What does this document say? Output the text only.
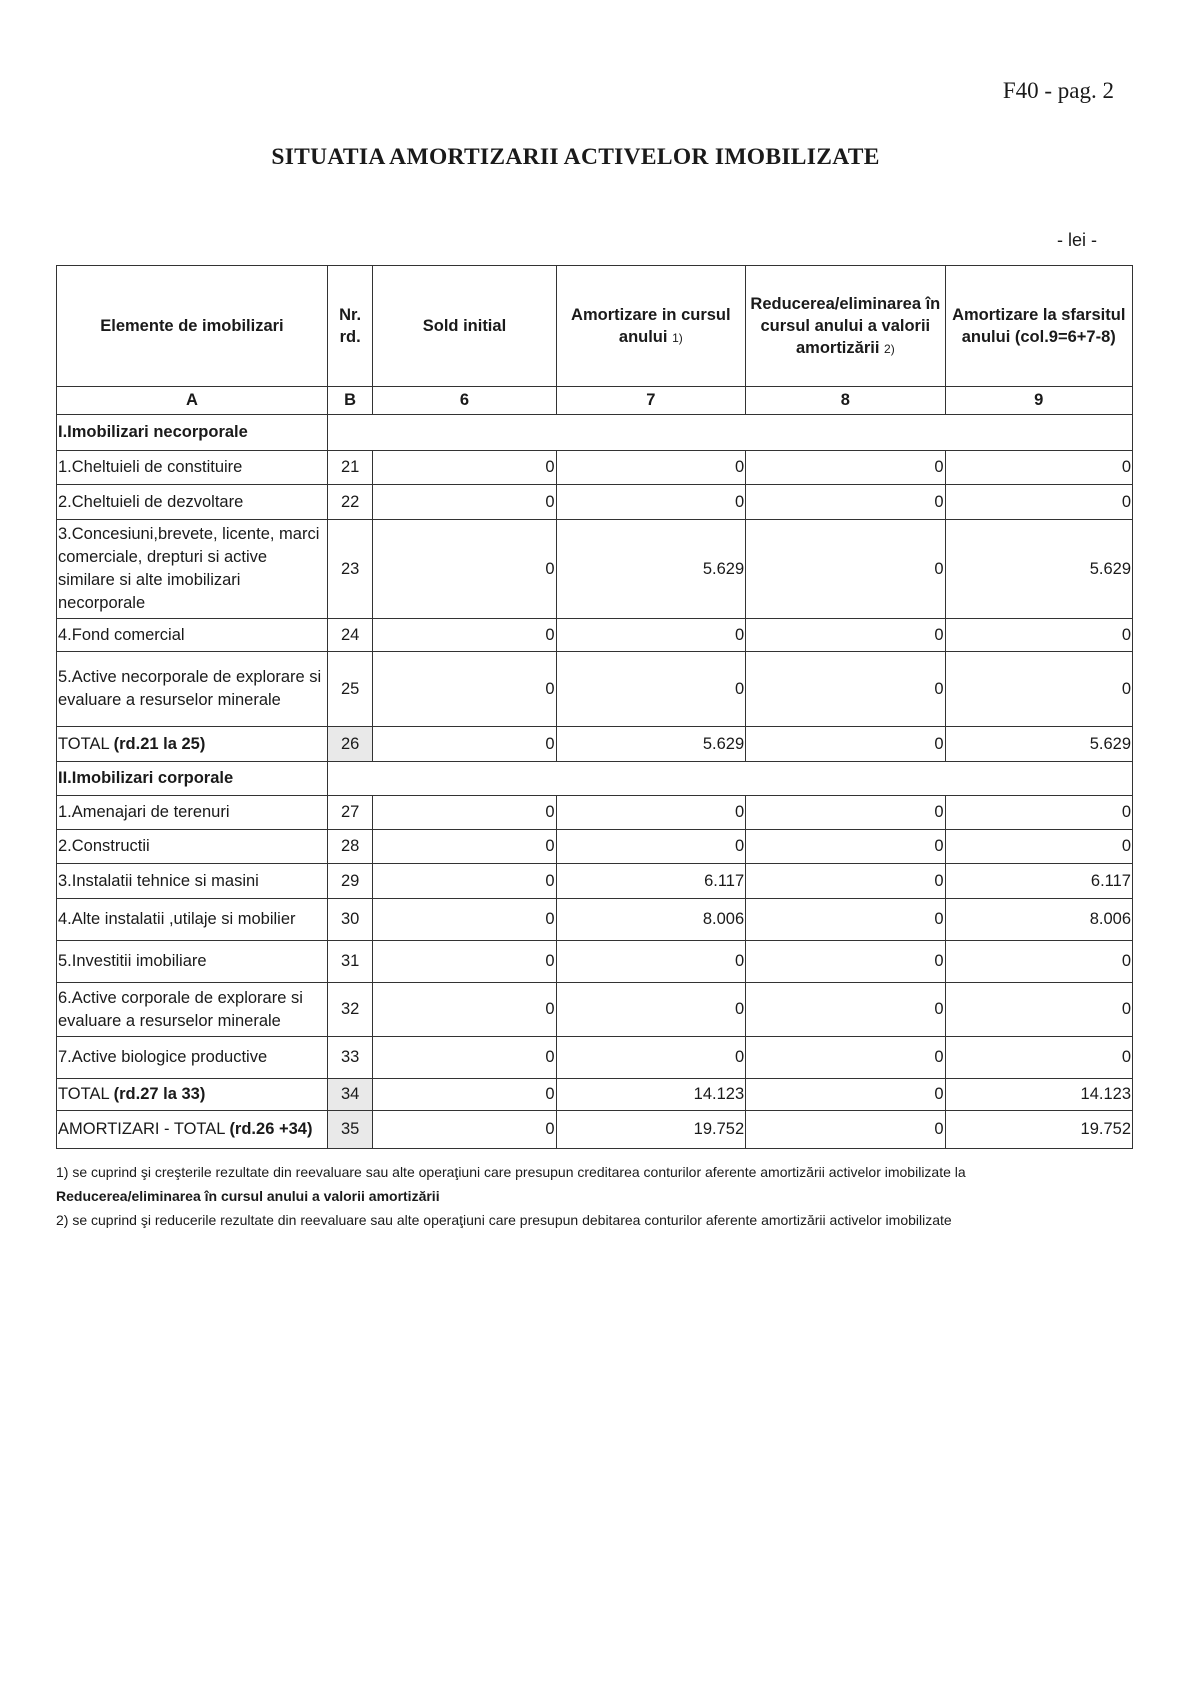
F40 - pag. 2
SITUATIA AMORTIZARII ACTIVELOR IMOBILIZATE
- lei -
Elemente de imobilizari	Nr. rd.	Sold initial	Amortizare in cursul anului 1)	Reducerea/eliminarea în cursul anului a valorii amortizării 2)	Amortizare la sfarsitul anului (col.9=6+7-8)
A	B	6	7	8	9
I.Imobilizari necorporale					
1.Cheltuieli de constituire	21	0	0	0	0
2.Cheltuieli de dezvoltare	22	0	0	0	0
3.Concesiuni,brevete, licente, marci comerciale, drepturi si active similare si alte imobilizari necorporale	23	0	5.629	0	5.629
4.Fond comercial	24	0	0	0	0
5.Active necorporale de explorare si evaluare a resurselor minerale	25	0	0	0	0
TOTAL (rd.21 la 25)	26	0	5.629	0	5.629
II.Imobilizari corporale					
1.Amenajari de terenuri	27	0	0	0	0
2.Constructii	28	0	0	0	0
3.Instalatii tehnice si masini	29	0	6.117	0	6.117
4.Alte instalatii ,utilaje si mobilier	30	0	8.006	0	8.006
5.Investitii imobiliare	31	0	0	0	0
6.Active corporale de explorare si evaluare a resurselor minerale	32	0	0	0	0
7.Active biologice productive	33	0	0	0	0
TOTAL (rd.27 la 33)	34	0	14.123	0	14.123
AMORTIZARI - TOTAL (rd.26 +34)	35	0	19.752	0	19.752

1) se cuprind şi creşterile rezultate din reevaluare sau alte operaţiuni care presupun creditarea conturilor aferente amortizării activelor imobilizate la

Reducerea/eliminarea în cursul anului a valorii amortizării

2) se cuprind şi reducerile rezultate din reevaluare sau alte operaţiuni care presupun debitarea conturilor aferente amortizării activelor imobilizate
